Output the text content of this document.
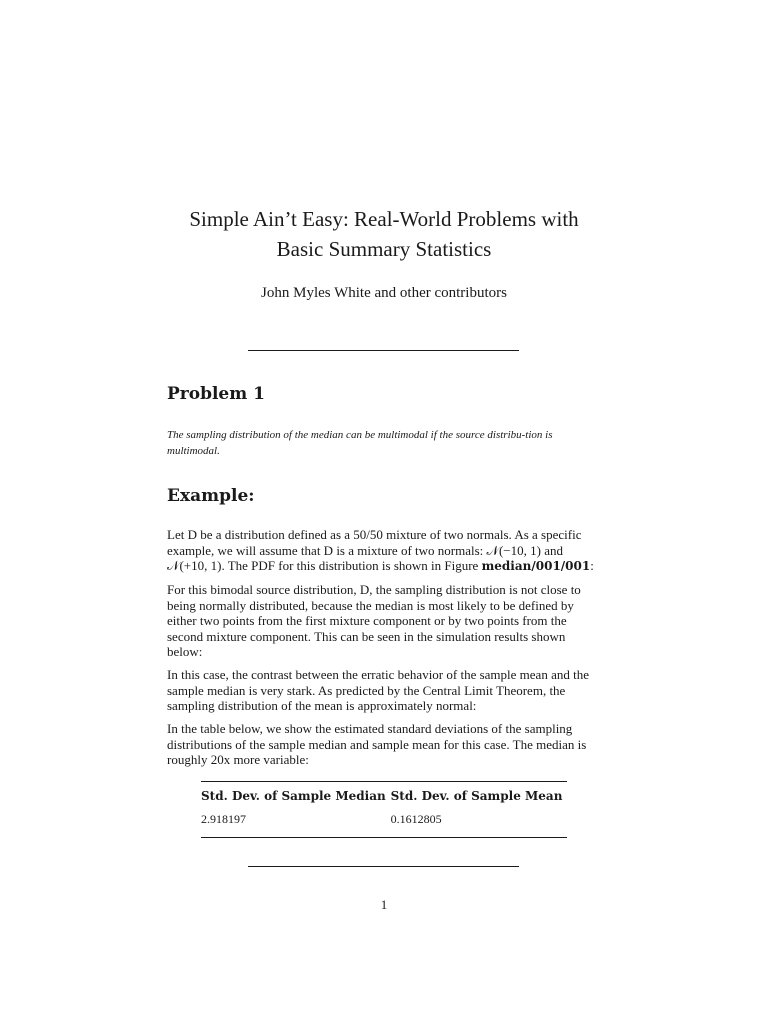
Simple Ain’t Easy: Real-World Problems with
Basic Summary Statistics
John Myles White and other contributors
Problem 1

The sampling distribution of the median can be multimodal if the source distribu-tion is multimodal.

Example:

Let D be a distribution defined as a 50/50 mixture of two normals. As a specific example, we will assume that D is a mixture of two normals: 𝒩(−10, 1) and 𝒩(+10, 1). The PDF for this distribution is shown in Figure median/001/001:

For this bimodal source distribution, D, the sampling distribution is not close to being normally distributed, because the median is most likely to be defined by either two points from the first mixture component or by two points from the second mixture component. This can be seen in the simulation results shown below:

In this case, the contrast between the erratic behavior of the sample mean and the sample median is very stark. As predicted by the Central Limit Theorem, the sampling distribution of the mean is approximately normal:

In the table below, we show the estimated standard deviations of the sampling distributions of the sample median and sample mean for this case. The median is roughly 20x more variable:

Std. Dev. of Sample Median	Std. Dev. of Sample Mean
2.918197	0.1612805
1
